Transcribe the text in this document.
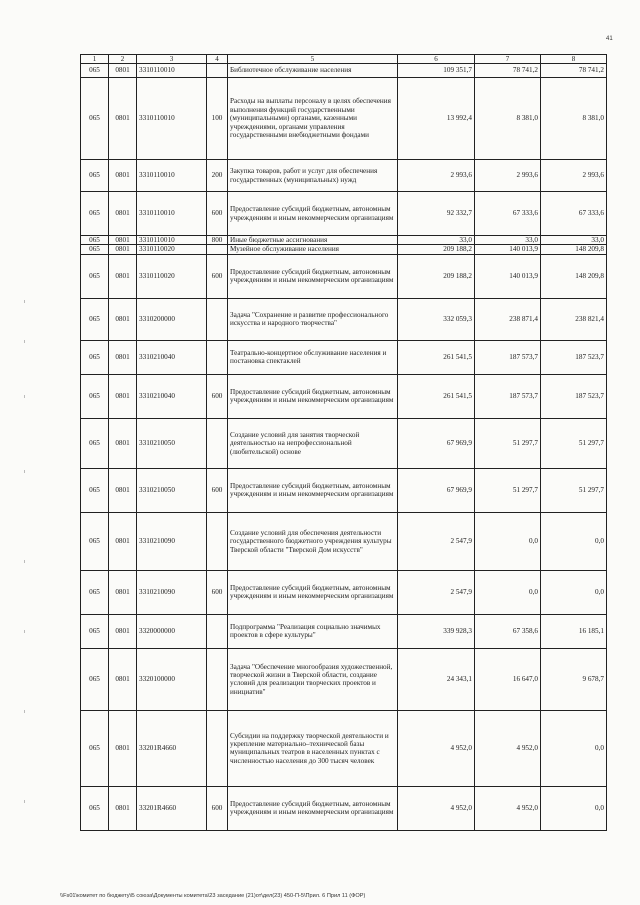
41
1	2	3	4	5	6	7	8
065	0801	3310110010		Библиотечное обслуживание населения	109 351,7	78 741,2	78 741,2
065	0801	3310110010	100	Расходы на выплаты персоналу в целях обеспечения выполнения функций государственными (муниципальными) органами, казенными учреждениями, органами управления государственными внебюджетными фондами	13 992,4	8 381,0	8 381,0
065	0801	3310110010	200	Закупка товаров, работ и услуг для обеспечения государственных (муниципальных) нужд	2 993,6	2 993,6	2 993,6
065	0801	3310110010	600	Предоставление субсидий бюджетным, автономным учреждениям и иным некоммерческим организациям	92 332,7	67 333,6	67 333,6
065	0801	3310110010	800	Иные бюджетные ассигнования	33,0	33,0	33,0
065	0801	3310110020		Музейное обслуживание населения	209 188,2	140 013,9	148 209,8
065	0801	3310110020	600	Предоставление субсидий бюджетным, автономным учреждениям и иным некоммерческим организациям	209 188,2	140 013,9	148 209,8
065	0801	3310200000		Задача "Сохранение и развитие профессионального искусства и народного творчества"	332 059,3	238 871,4	238 821,4
065	0801	3310210040		Театрально-концертное обслуживание населения и постановка спектаклей	261 541,5	187 573,7	187 523,7
065	0801	3310210040	600	Предоставление субсидий бюджетным, автономным учреждениям и иным некоммерческим организациям	261 541,5	187 573,7	187 523,7
065	0801	3310210050		Создание условий для занятия творческой деятельностью на непрофессиональной (любительской) основе	67 969,9	51 297,7	51 297,7
065	0801	3310210050	600	Предоставление субсидий бюджетным, автономным учреждениям и иным некоммерческим организациям	67 969,9	51 297,7	51 297,7
065	0801	3310210090		Создание условий для обеспечения деятельности государственного бюджетного учреждения культуры Тверской области "Тверской Дом искусств"	2 547,9	0,0	0,0
065	0801	3310210090	600	Предоставление субсидий бюджетным, автономным учреждениям и иным некоммерческим организациям	2 547,9	0,0	0,0
065	0801	3320000000		Подпрограмма "Реализация социально значимых проектов в сфере культуры"	339 928,3	67 358,6	16 185,1
065	0801	3320100000		Задача "Обеспечение многообразия художественной, творческой жизни в Тверской области, создание условий для реализации творческих проектов и инициатив"	24 343,1	16 647,0	9 678,7
065	0801	33201R4660		Субсидии на поддержку творческой деятельности и укрепление материально–технической базы муниципальных театров в населенных пунктах с численностью населения до 300 тысяч человек	4 952,0	4 952,0	0,0
065	0801	33201R4660	600	Предоставление субсидий бюджетным, автономным учреждениям и иным некоммерческим организациям	4 952,0	4 952,0	0,0
\\Fs01\комитет по бюджету\Б союза\Документы комитета\23 заседание (21)от\дел(23) 450-П-5\Прил. 6 Прил 11 (ФОР)
